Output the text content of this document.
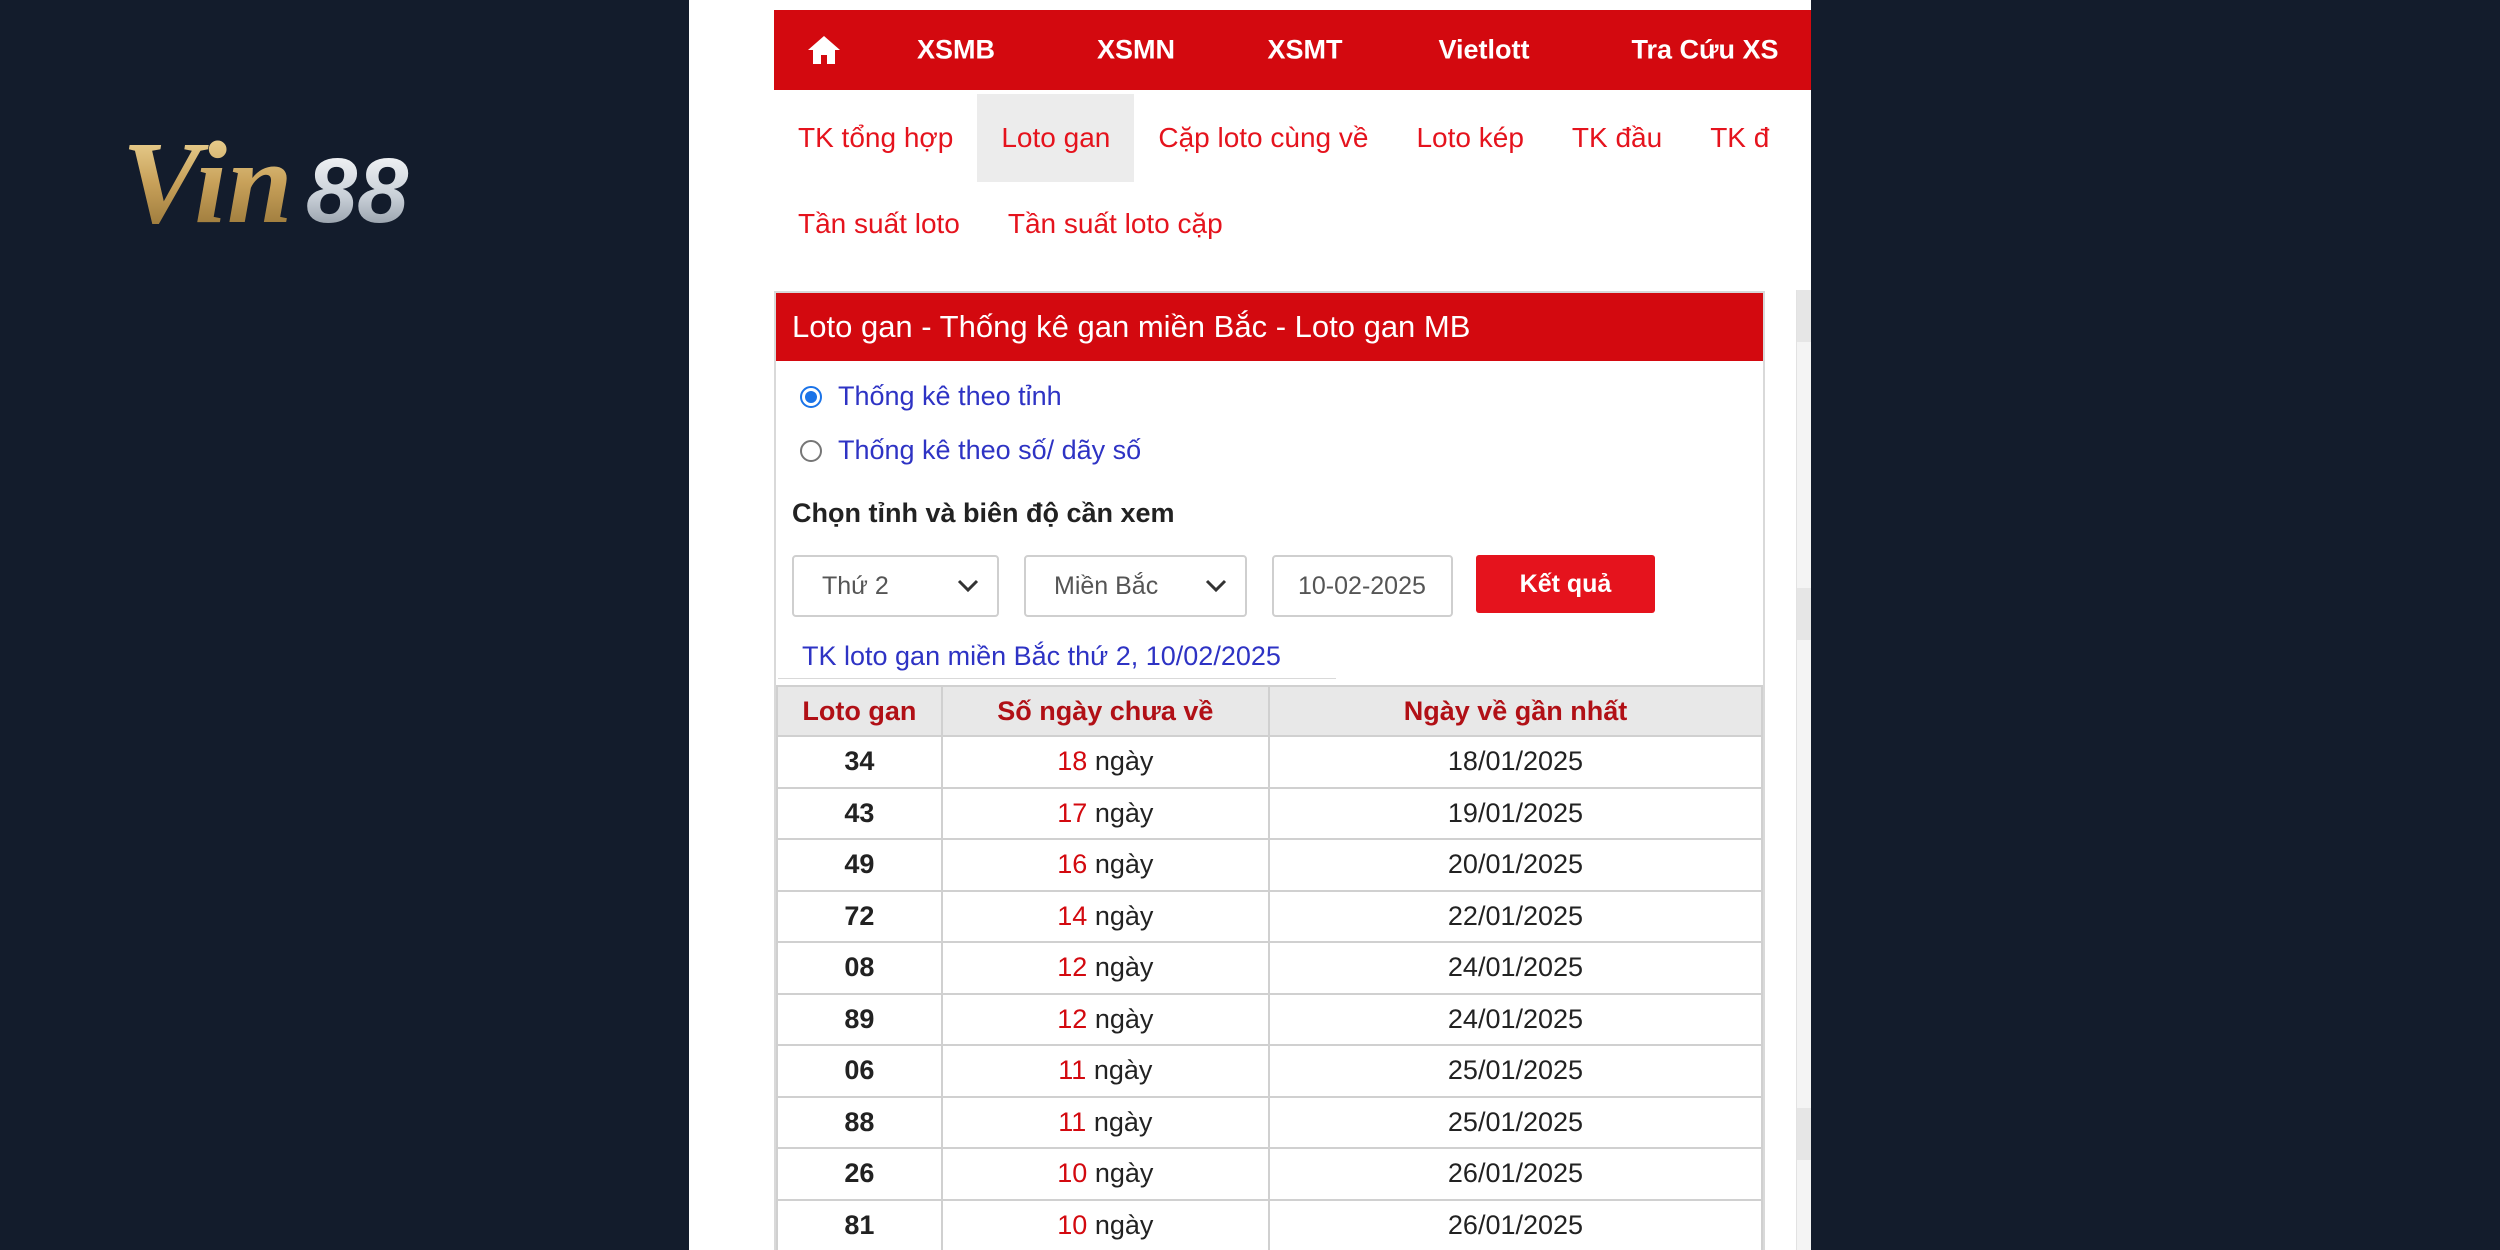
Vin 88
XSMB	XSMN	XSMT	Vietlott	Tra Cứu XS
TK tổng hợp	Loto gan	Cặp loto cùng về	Loto kép	TK đầu	TK đ
Tần suất loto	Tần suất loto cặp
Loto gan - Thống kê gan miền Bắc - Loto gan MB
Thống kê theo tỉnh
Thống kê theo số/ dãy số
Chọn tỉnh và biên độ cần xem
Thứ 2	Miền Bắc	10-02-2025	Kết quả
TK loto gan miền Bắc thứ 2, 10/02/2025
Loto gan	Số ngày chưa về	Ngày về gần nhất
34	18 ngày	18/01/2025
43	17 ngày	19/01/2025
49	16 ngày	20/01/2025
72	14 ngày	22/01/2025
08	12 ngày	24/01/2025
89	12 ngày	24/01/2025
06	11 ngày	25/01/2025
88	11 ngày	25/01/2025
26	10 ngày	26/01/2025
81	10 ngày	26/01/2025
